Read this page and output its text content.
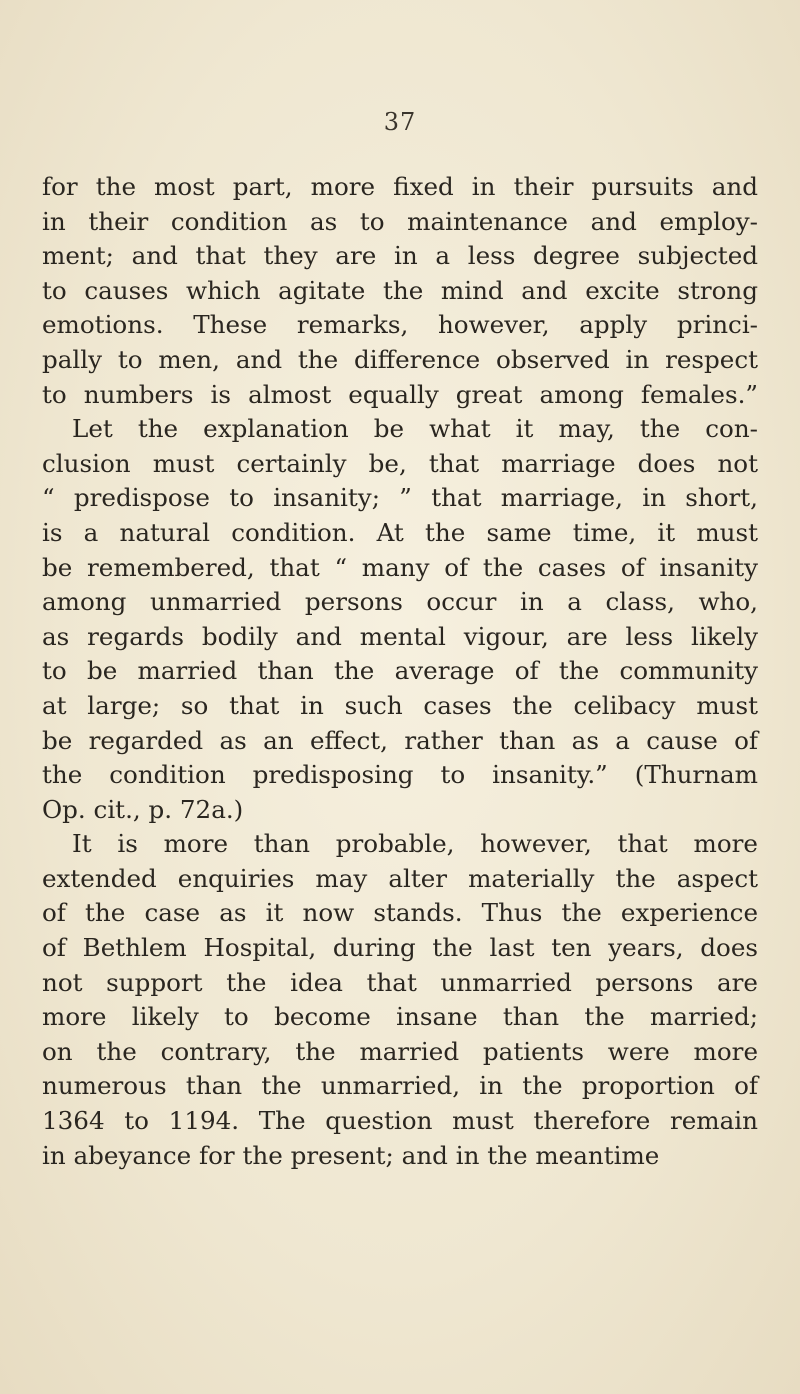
37
for the most part, more fixed in their pursuits and
in their condition as to maintenance and employ-
ment; and that they are in a less degree subjected
to causes which agitate the mind and excite strong
emotions. These remarks, however, apply princi-
pally to men, and the difference observed in respect
to numbers is almost equally great among females.”
Let the explanation be what it may, the con-
clusion must certainly be, that marriage does not
“ predispose to insanity; ” that marriage, in short,
is a natural condition. At the same time, it must
be remembered, that “ many of the cases of insanity
among unmarried persons occur in a class, who,
as regards bodily and mental vigour, are less likely
to be married than the average of the community
at large; so that in such cases the celibacy must
be regarded as an effect, rather than as a cause of
the condition predisposing to insanity.” (Thurnam
Op. cit., p. 72a.)
It is more than probable, however, that more
extended enquiries may alter materially the aspect
of the case as it now stands. Thus the experience
of Bethlem Hospital, during the last ten years, does
not support the idea that unmarried persons are
more likely to become insane than the married;
on the contrary, the married patients were more
numerous than the unmarried, in the proportion of
1364 to 1194. The question must therefore remain
in abeyance for the present; and in the meantime
